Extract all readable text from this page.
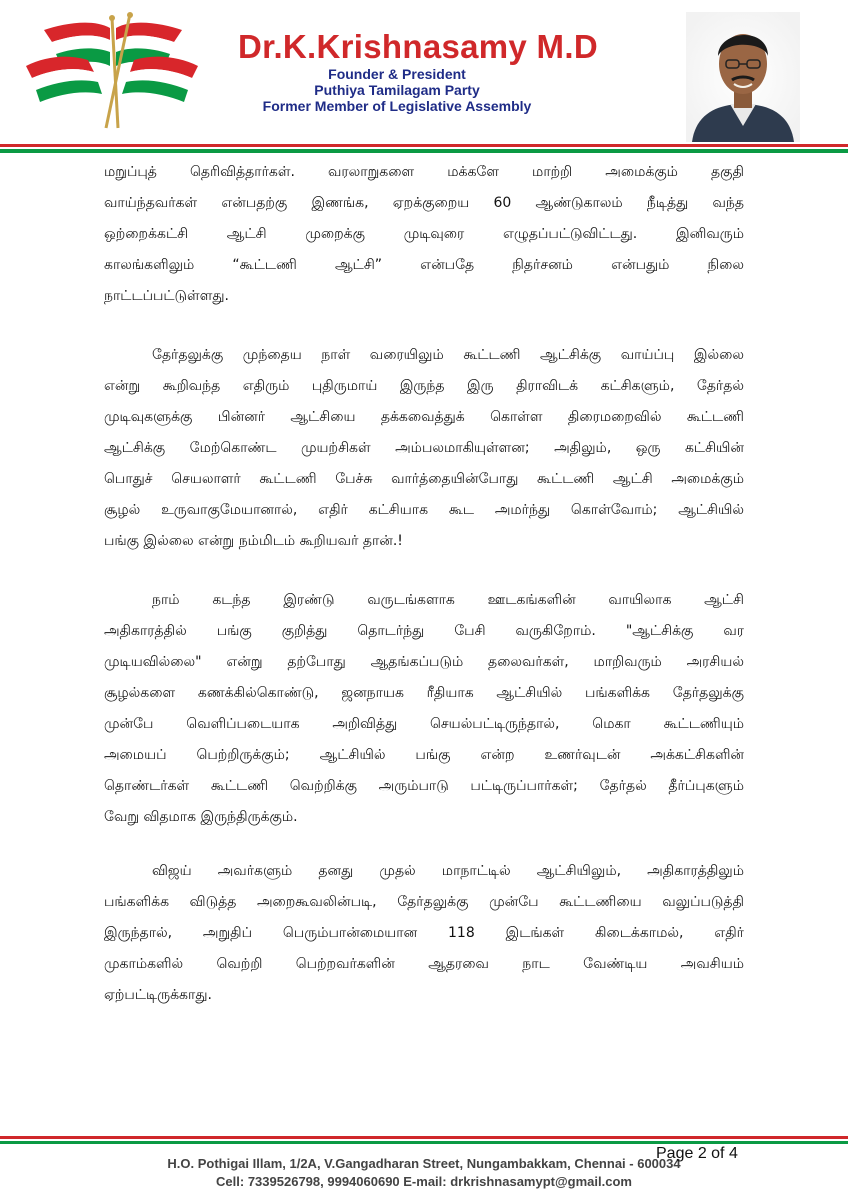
Dr.K.Krishnasamy M.D
Founder & President
Puthiya Tamilagam Party
Former Member of Legislative Assembly
மறுப்புத் தெரிவித்தார்கள். வரலாறுகளை மக்களே மாற்றி அமைக்கும் தகுதி
வாய்ந்தவர்கள் என்பதற்கு இணங்க, ஏறக்குறைய 60 ஆண்டுகாலம் நீடித்து வந்த
ஒற்றைக்கட்சி ஆட்சி முறைக்கு முடிவுரை எழுதப்பட்டுவிட்டது. இனிவரும்
காலங்களிலும் “கூட்டணி ஆட்சி” என்பதே நிதர்சனம் என்பதும் நிலை
நாட்டப்பட்டுள்ளது.
தேர்தலுக்கு முந்தைய நாள் வரையிலும் கூட்டணி ஆட்சிக்கு வாய்ப்பு இல்லை
என்று கூறிவந்த எதிரும் புதிருமாய் இருந்த இரு திராவிடக் கட்சிகளும், தேர்தல்
முடிவுகளுக்கு பின்னர் ஆட்சியை தக்கவைத்துக் கொள்ள திரைமறைவில் கூட்டணி
ஆட்சிக்கு மேற்கொண்ட முயற்சிகள் அம்பலமாகியுள்ளன; அதிலும், ஒரு கட்சியின்
பொதுச் செயலாளர் கூட்டணி பேச்சு வார்த்தையின்போது கூட்டணி ஆட்சி அமைக்கும்
சூழல் உருவாகுமேயானால், எதிர் கட்சியாக கூட அமர்ந்து கொள்வோம்; ஆட்சியில்
பங்கு இல்லை என்று நம்மிடம் கூறியவர் தான்.!
நாம் கடந்த இரண்டு வருடங்களாக ஊடகங்களின் வாயிலாக ஆட்சி
அதிகாரத்தில் பங்கு குறித்து தொடர்ந்து பேசி வருகிறோம். "ஆட்சிக்கு வர
முடியவில்லை" என்று தற்போது ஆதங்கப்படும் தலைவர்கள், மாறிவரும் அரசியல்
சூழல்களை கணக்கில்கொண்டு, ஜனநாயக ரீதியாக ஆட்சியில் பங்களிக்க தேர்தலுக்கு
முன்பே வெளிப்படையாக அறிவித்து செயல்பட்டிருந்தால், மெகா கூட்டணியும்
அமையப் பெற்றிருக்கும்; ஆட்சியில் பங்கு என்ற உணர்வுடன் அக்கட்சிகளின்
தொண்டர்கள் கூட்டணி வெற்றிக்கு அரும்பாடு பட்டிருப்பார்கள்; தேர்தல் தீர்ப்புகளும்
வேறு விதமாக இருந்திருக்கும்.
விஜய் அவர்களும் தனது முதல் மாநாட்டில் ஆட்சியிலும், அதிகாரத்திலும்
பங்களிக்க விடுத்த அறைகூவலின்படி, தேர்தலுக்கு முன்பே கூட்டணியை வலுப்படுத்தி
இருந்தால், அறுதிப் பெரும்பான்மையான 118 இடங்கள் கிடைக்காமல், எதிர்
முகாம்களில் வெற்றி பெற்றவர்களின் ஆதரவை நாட வேண்டிய அவசியம்
ஏற்பட்டிருக்காது.
H.O. Pothigai Illam, 1/2A, V.Gangadharan Street, Nungambakkam, Chennai - 600034
Cell: 7339526798, 9994060690 E-mail: drkrishnasamypt@gmail.com
Page 2 of 4
